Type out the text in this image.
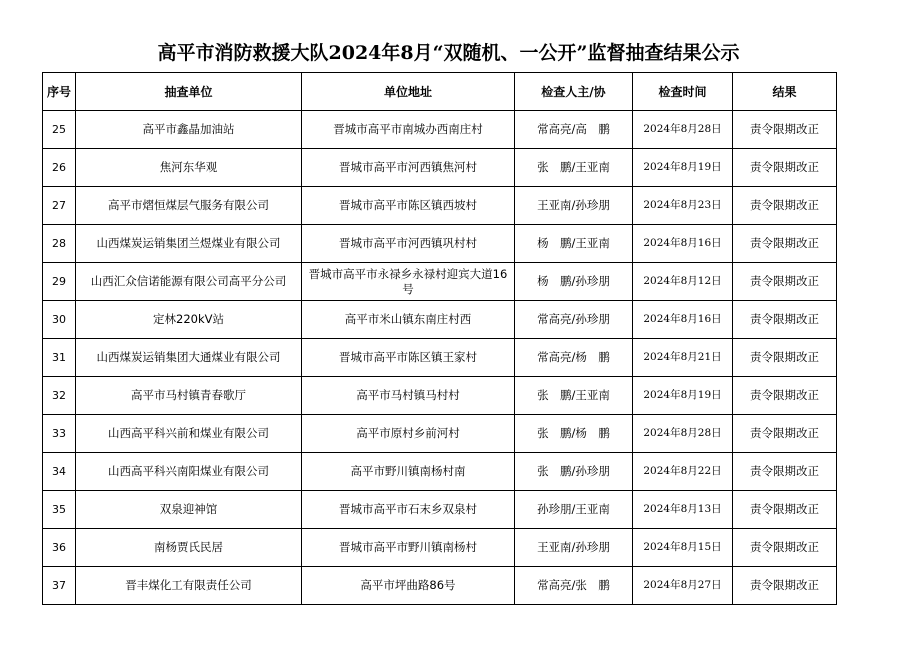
高平市消防救援大队2024年8月“双随机、一公开”监督抽查结果公示
序号	抽查单位	单位地址	检查人主/协	检查时间	结果
25	高平市鑫晶加油站	晋城市高平市南城办西南庄村	常高亮/高　鹏	2024年8月28日	责令限期改正
26	焦河东华观	晋城市高平市河西镇焦河村	张　鹏/王亚南	2024年8月19日	责令限期改正
27	高平市熠恒煤层气服务有限公司	晋城市高平市陈区镇西坡村	王亚南/孙珍朋	2024年8月23日	责令限期改正
28	山西煤炭运销集团兰煜煤业有限公司	晋城市高平市河西镇巩村村	杨　鹏/王亚南	2024年8月16日	责令限期改正
29	山西汇众信诺能源有限公司高平分公司	晋城市高平市永禄乡永禄村迎宾大道16号	杨　鹏/孙珍朋	2024年8月12日	责令限期改正
30	定林220kV站	高平市米山镇东南庄村西	常高亮/孙珍朋	2024年8月16日	责令限期改正
31	山西煤炭运销集团大通煤业有限公司	晋城市高平市陈区镇王家村	常高亮/杨　鹏	2024年8月21日	责令限期改正
32	高平市马村镇青春歌厅	高平市马村镇马村村	张　鹏/王亚南	2024年8月19日	责令限期改正
33	山西高平科兴前和煤业有限公司	高平市原村乡前河村	张　鹏/杨　鹏	2024年8月28日	责令限期改正
34	山西高平科兴南阳煤业有限公司	高平市野川镇南杨村南	张　鹏/孙珍朋	2024年8月22日	责令限期改正
35	双泉迎神馆	晋城市高平市石末乡双泉村	孙珍朋/王亚南	2024年8月13日	责令限期改正
36	南杨贾氏民居	晋城市高平市野川镇南杨村	王亚南/孙珍朋	2024年8月15日	责令限期改正
37	晋丰煤化工有限责任公司	高平市坪曲路86号	常高亮/张　鹏	2024年8月27日	责令限期改正
